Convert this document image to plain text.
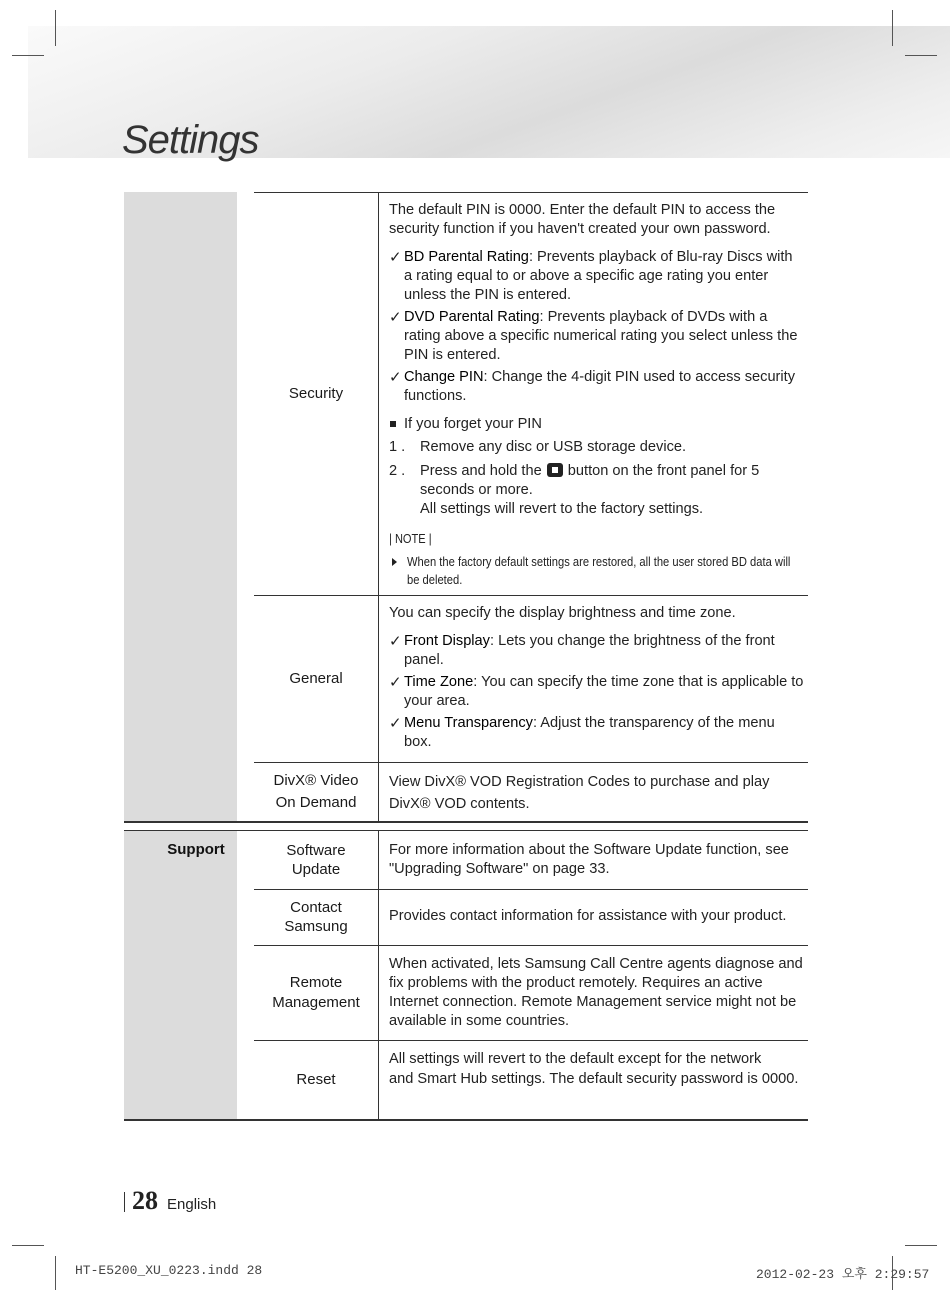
Settings
Support
Security

The default PIN is 0000. Enter the default PIN to access the security function if you haven't created your own password.

✓ BD Parental Rating: Prevents playback of Blu-ray Discs with a rating equal to or above a specific age rating you enter unless the PIN is entered.

✓ DVD Parental Rating: Prevents playback of DVDs with a rating above a specific numerical rating you select unless the PIN is entered.

✓ Change PIN: Change the 4-digit PIN used to access security functions.

If you forget your PIN

1 . Remove any disc or USB storage device.

2 . Press and hold the  button on the front panel for 5 seconds or more.
All settings will revert to the factory settings.

| NOTE |

When the factory default settings are restored, all the user stored BD data will be deleted.

General

You can specify the display brightness and time zone.

✓ Front Display: Lets you change the brightness of the front panel.

✓ Time Zone: You can specify the time zone that is applicable to your area.

✓ Menu Transparency: Adjust the transparency of the menu box.

DivX® Video
On Demand

View DivX® VOD Registration Codes to purchase and play

DivX® VOD contents.

Software
Update

For more information about the Software Update function, see "Upgrading Software" on page 33.

Contact
Samsung

Provides contact information for assistance with your product.

Remote
Management

When activated, lets Samsung Call Centre agents diagnose and fix problems with the product remotely. Requires an active Internet connection. Remote Management service might not be available in some countries.

Reset

All settings will revert to the default except for the network

and Smart Hub settings. The default security password is 0000.

28 English
HT-E5200_XU_0223.indd 28	2012-02-23 오후 2:29:57
